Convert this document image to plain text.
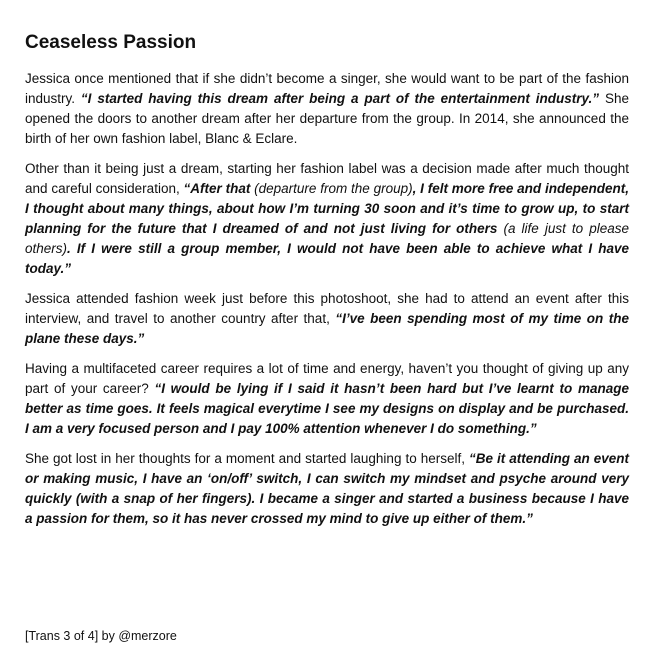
Ceaseless Passion

Jessica once mentioned that if she didn’t become a singer, she would want to be part of the fashion industry. “I started having this dream after being a part of the entertainment industry.” She opened the doors to another dream after her departure from the group. In 2014, she announced the birth of her own fashion label, Blanc & Eclare.

Other than it being just a dream, starting her fashion label was a decision made after much thought and careful consideration, “After that (departure from the group), I felt more free and independent, I thought about many things, about how I’m turning 30 soon and it’s time to grow up, to start planning for the future that I dreamed of and not just living for others (a life just to please others). If I were still a group member, I would not have been able to achieve what I have today.”

Jessica attended fashion week just before this photoshoot, she had to attend an event after this interview, and travel to another country after that, “I’ve been spending most of my time on the plane these days.”

Having a multifaceted career requires a lot of time and energy, haven’t you thought of giving up any part of your career? “I would be lying if I said it hasn’t been hard but I’ve learnt to manage better as time goes. It feels magical everytime I see my designs on display and be purchased. I am a very focused person and I pay 100% attention whenever I do something.”

She got lost in her thoughts for a moment and started laughing to herself, “Be it attending an event or making music, I have an ‘on/off’ switch, I can switch my mindset and psyche around very quickly (with a snap of her fingers). I became a singer and started a business because I have a passion for them, so it has never crossed my mind to give up either of them.”

[Trans 3 of 4] by @merzore
